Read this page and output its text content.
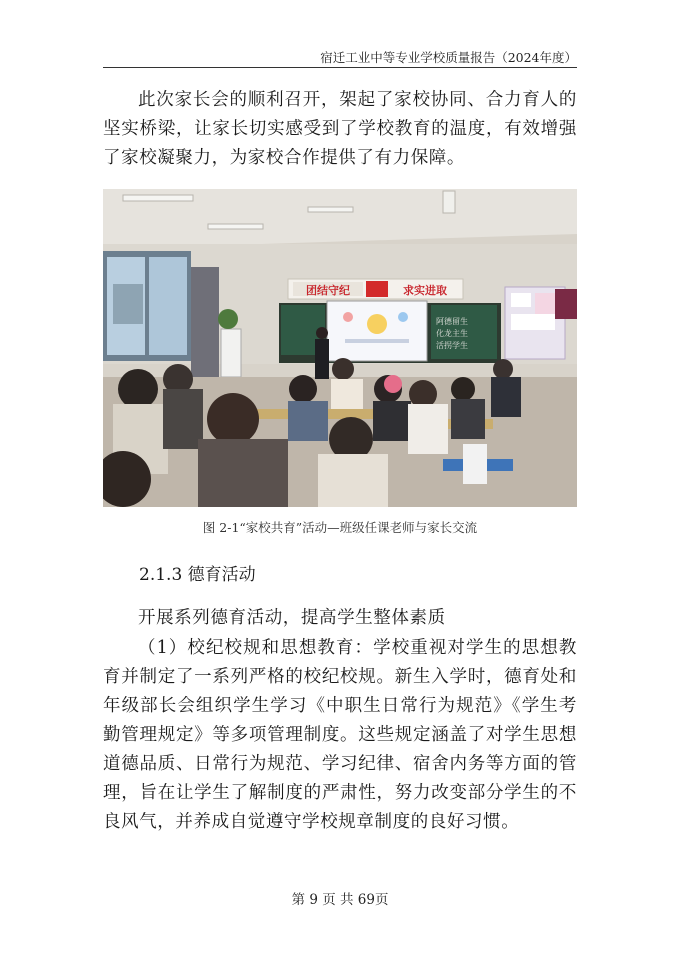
宿迁工业中等专业学校质量报告（2024年度）

此次家长会的顺利召开，架起了家校协同、合力育人的坚实桥梁，让家长切实感受到了学校教育的温度，有效增强了家校凝聚力，为家校合作提供了有力保障。

团结守纪	求实进取
阿德留生
化龙主生
活拐学生
图 2-1“家校共育”活动—班级任课老师与家长交流
2.1.3 德育活动

开展系列德育活动，提高学生整体素质

（1）校纪校规和思想教育：学校重视对学生的思想教育并制定了一系列严格的校纪校规。新生入学时，德育处和年级部长会组织学生学习《中职生日常行为规范》《学生考勤管理规定》等多项管理制度。这些规定涵盖了对学生思想道德品质、日常行为规范、学习纪律、宿舍内务等方面的管理，旨在让学生了解制度的严肃性，努力改变部分学生的不良风气，并养成自觉遵守学校规章制度的良好习惯。

第 9 页 共 69页
